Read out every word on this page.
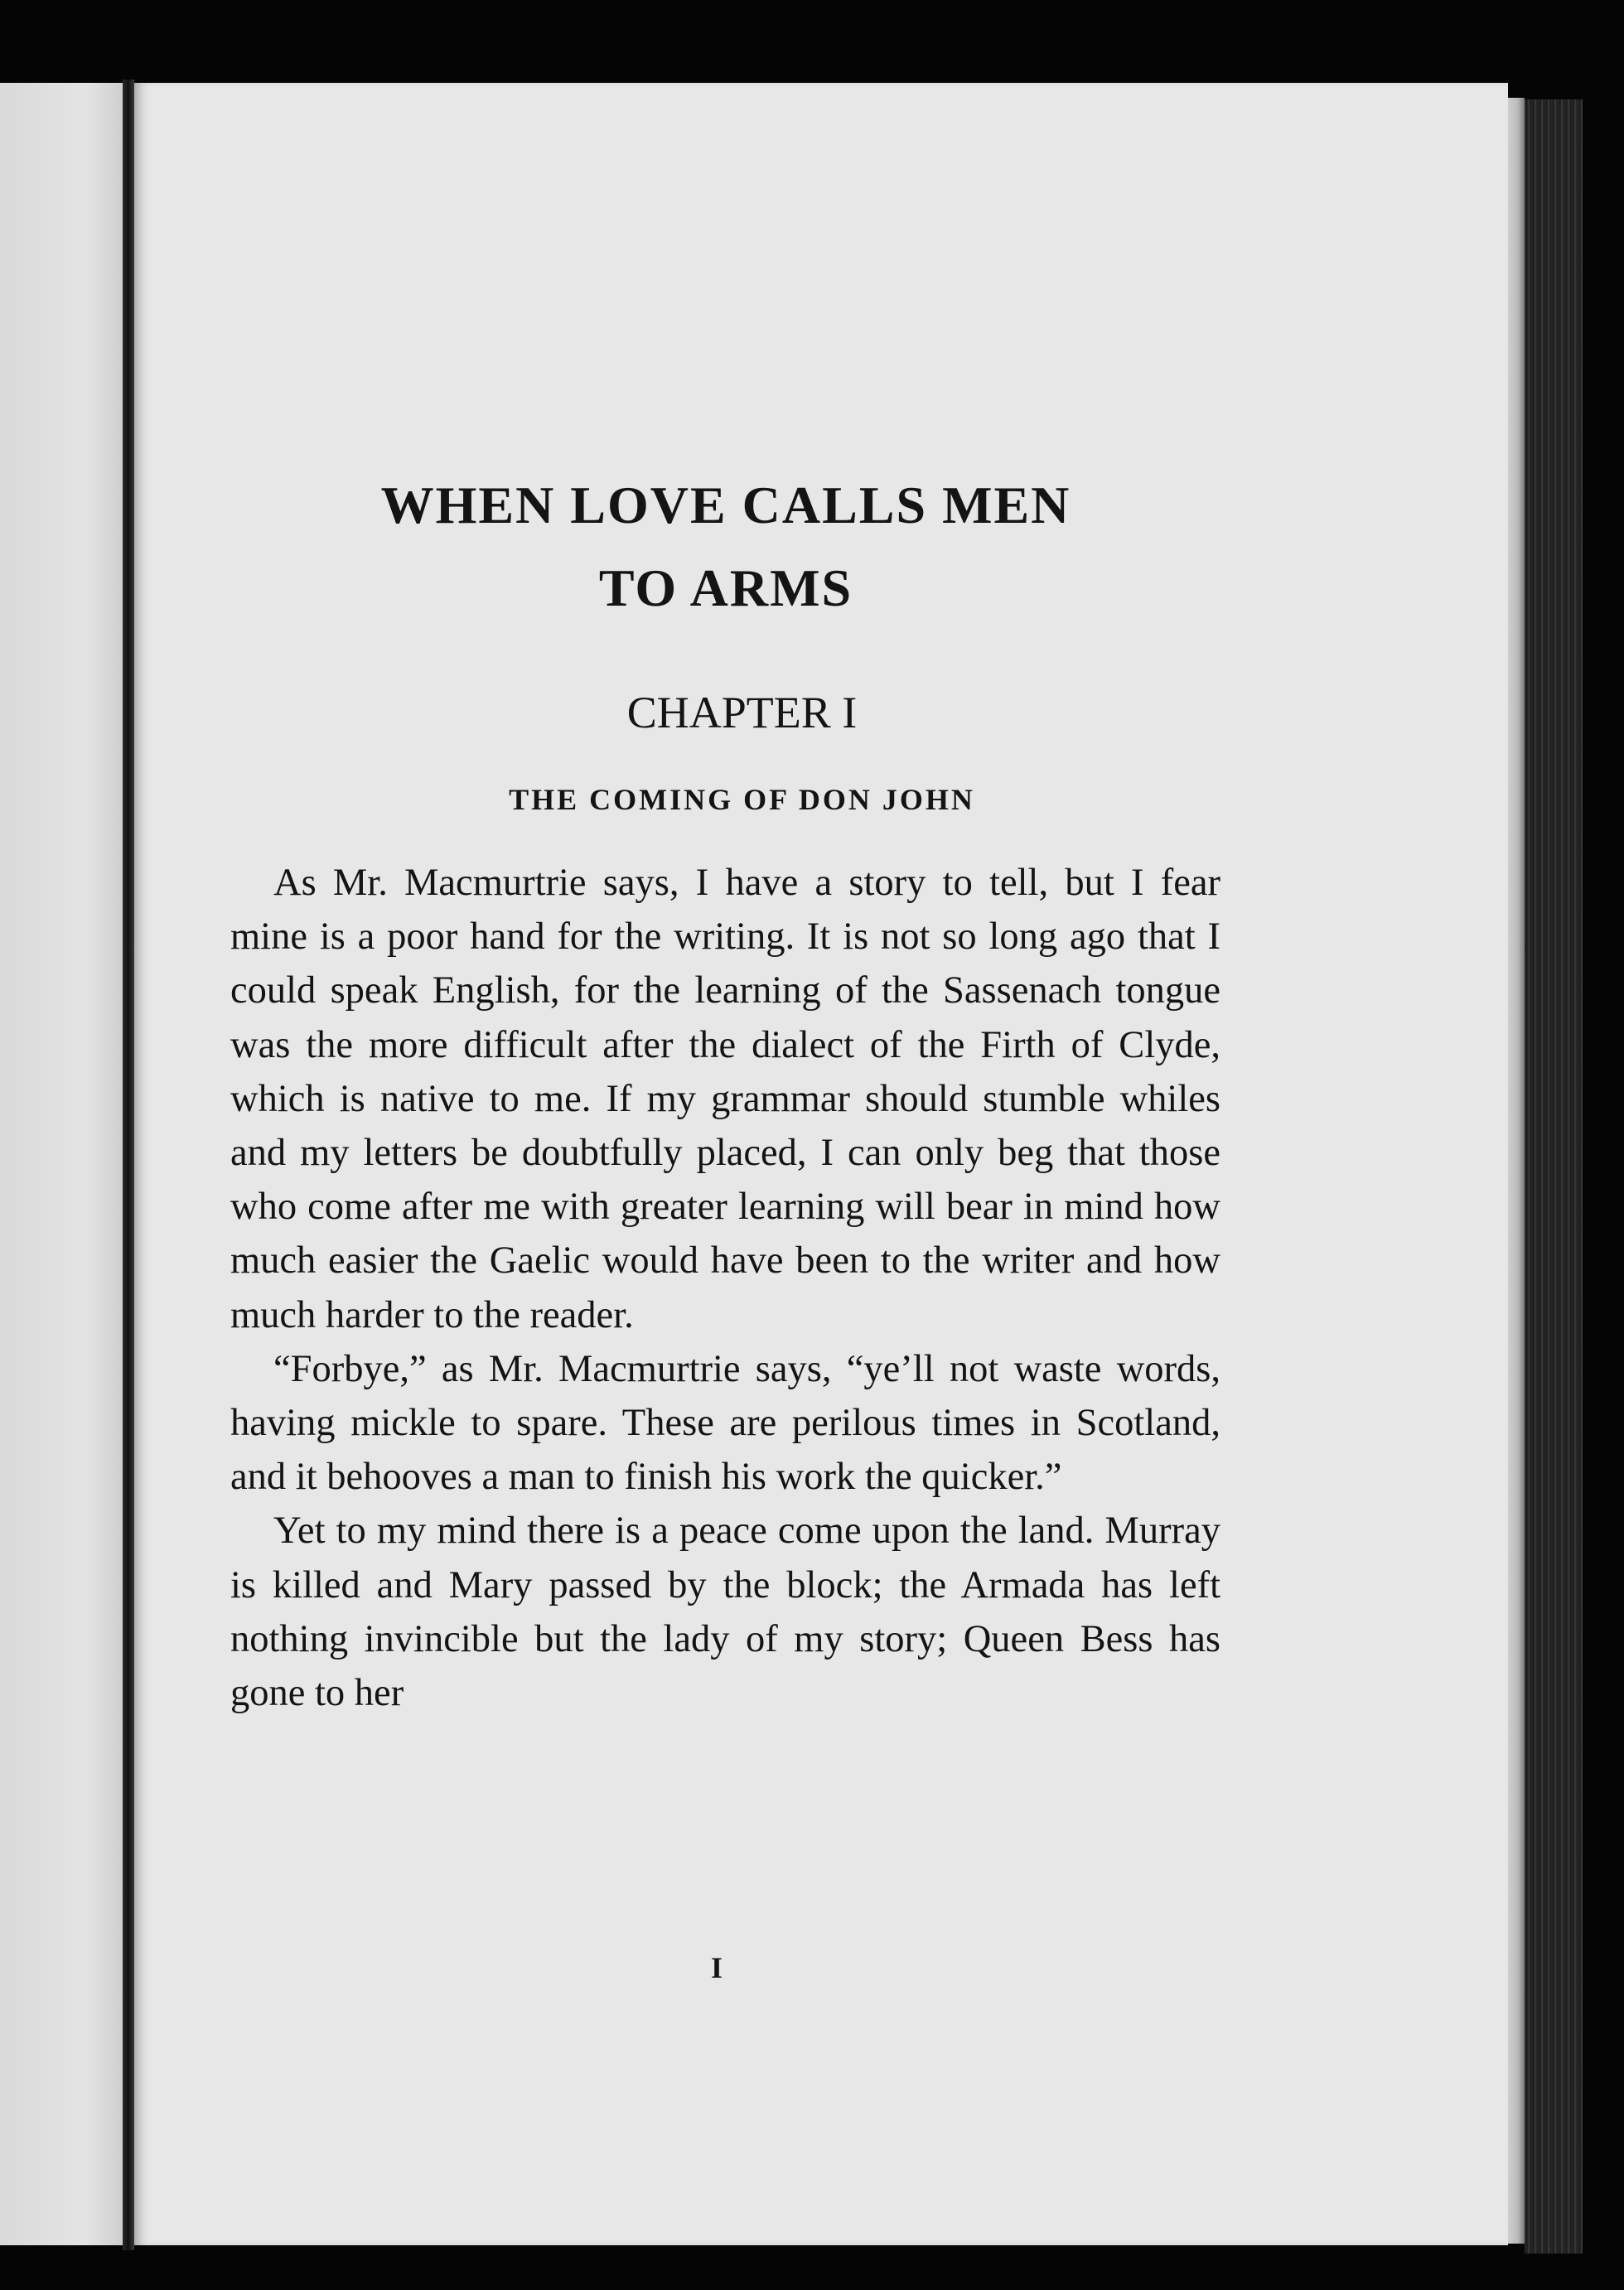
WHEN LOVE CALLS MEN
TO ARMS
CHAPTER I
THE COMING OF DON JOHN

As Mr. Macmurtrie says, I have a story to tell, but I fear mine is a poor hand for the writing. It is not so long ago that I could speak English, for the learning of the Sassenach tongue was the more difficult after the dialect of the Firth of Clyde, which is native to me. If my grammar should stumble whiles and my letters be doubtfully placed, I can only beg that those who come after me with greater learning will bear in mind how much easier the Gaelic would have been to the writer and how much harder to the reader.

“Forbye,” as Mr. Macmurtrie says, “ye’ll not waste words, having mickle to spare. These are perilous times in Scotland, and it behooves a man to finish his work the quicker.”

Yet to my mind there is a peace come upon the land. Murray is killed and Mary passed by the block; the Armada has left nothing invincible but the lady of my story; Queen Bess has gone to her

I
